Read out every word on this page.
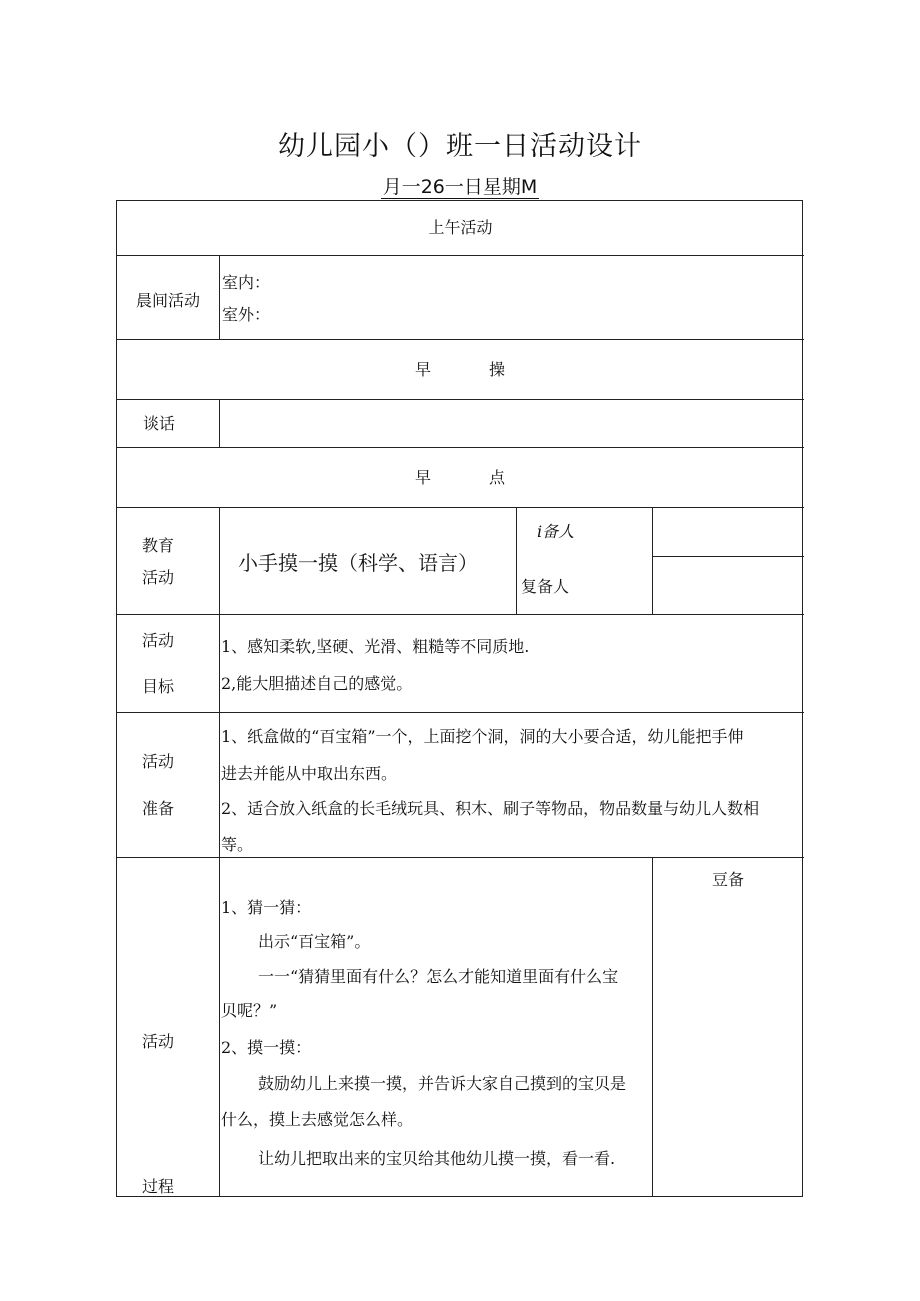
幼儿园小（）班一日活动设计
月一26一日星期M
上午活动
晨间活动
室内：
室外：
早	操
谈话
早	点
教育
活动
小手摸一摸（科学、语言）
i备人
复备人
活动
目标
1、感知柔软,坚硬、光滑、粗糙等不同质地.
2,能大胆描述自己的感觉。
活动
准备
1、纸盒做的“百宝箱”一个，上面挖个洞，洞的大小要合适，幼儿能把手伸
进去并能从中取出东西。
2、适合放入纸盒的长毛绒玩具、积木、刷子等物品，物品数量与幼儿人数相
等。
活动
过程
豆备
1、猜一猜：
出示“百宝箱”。
一一“猜猜里面有什么？怎么才能知道里面有什么宝
贝呢？”
2、摸一摸：
鼓励幼儿上来摸一摸，并告诉大家自己摸到的宝贝是
什么，摸上去感觉怎么样。
让幼儿把取出来的宝贝给其他幼儿摸一摸，看一看.
